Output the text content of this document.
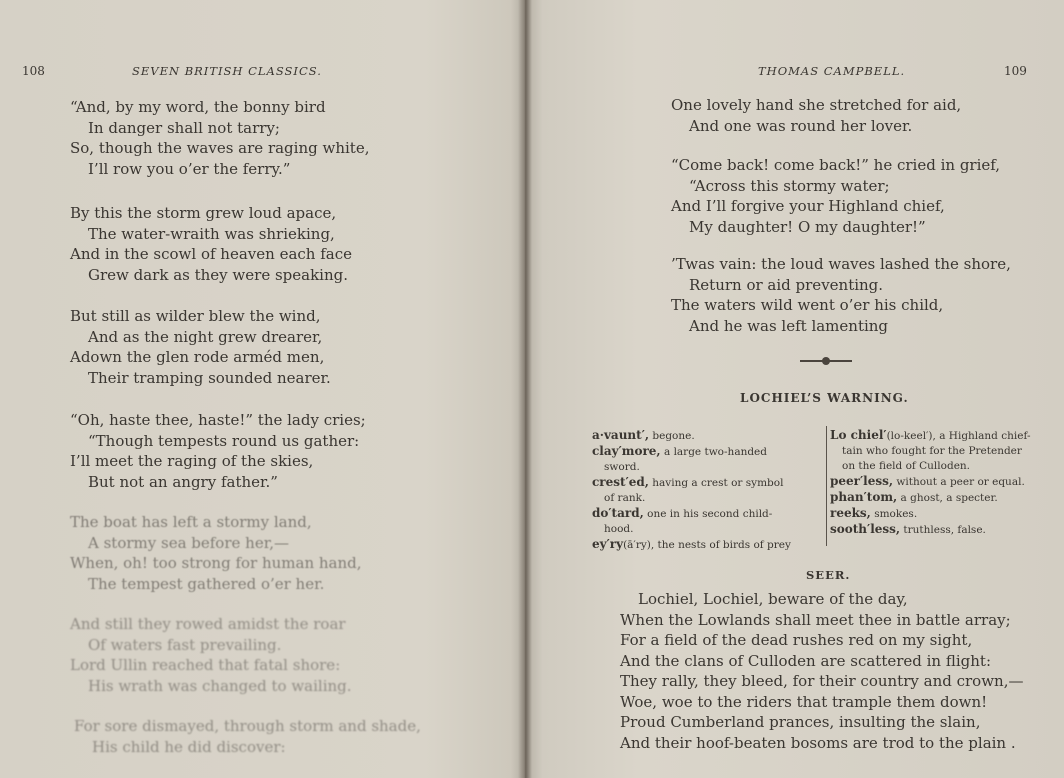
108	SEVEN BRITISH CLASSICS.
“And, by my word, the bonny bird
In danger shall not tarry;
So, though the waves are raging white,
I’ll row you o’er the ferry.”
By this the storm grew loud apace,
The water-wraith was shrieking,
And in the scowl of heaven each face
Grew dark as they were speaking.
But still as wilder blew the wind,
And as the night grew drearer,
Adown the glen rode arméd men,
Their tramping sounded nearer.
“Oh, haste thee, haste!” the lady cries;
“Though tempests round us gather:
I’ll meet the raging of the skies,
But not an angry father.”
The boat has left a stormy land,
A stormy sea before her,—
When, oh! too strong for human hand,
The tempest gathered o’er her.
And still they rowed amidst the roar
Of waters fast prevailing.
Lord Ullin reached that fatal shore:
His wrath was changed to wailing.
For sore dismayed, through storm and shade,
His child he did discover:
THOMAS CAMPBELL.	109
One lovely hand she stretched for aid,
And one was round her lover.
“Come back! come back!” he cried in grief,
“Across this stormy water;
And I’ll forgive your Highland chief,
My daughter! O my daughter!”
’Twas vain: the loud waves lashed the shore,
Return or aid preventing.
The waters wild went o’er his child,
And he was left lamenting
LOCHIEL’S WARNING.
a·vaunt′, begone.
clay′more, a large two-handed
sword.
crest′ed, having a crest or symbol
of rank.
do′tard, one in his second child-
hood.
ey′ry(ā′ry), the nests of birds of prey
Lo chiel′(lo-keel′), a Highland chief-
tain who fought for the Pretender
on the field of Culloden.
peer′less, without a peer or equal.
phan′tom, a ghost, a specter.
reeks, smokes.
sooth′less, truthless, false.
SEER.
Lochiel, Lochiel, beware of the day,
When the Lowlands shall meet thee in battle array;
For a field of the dead rushes red on my sight,
And the clans of Culloden are scattered in flight:
They rally, they bleed, for their country and crown,—
Woe, woe to the riders that trample them down!
Proud Cumberland prances, insulting the slain,
And their hoof-beaten bosoms are trod to the plain .
